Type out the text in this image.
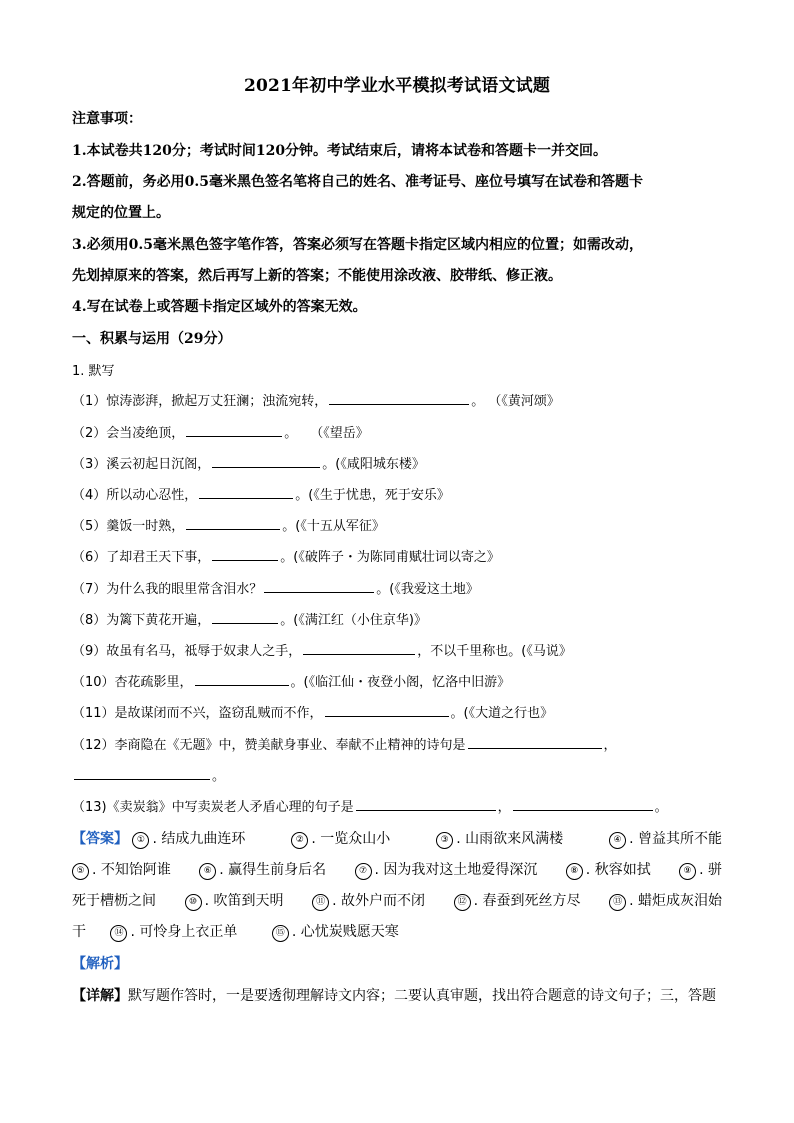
2021年初中学业水平模拟考试语文试题
注意事项：
1.本试卷共120分；考试时间120分钟。考试结束后，请将本试卷和答题卡一并交回。
2.答题前，务必用0.5毫米黑色签名笔将自己的姓名、准考证号、座位号填写在试卷和答题卡
规定的位置上。
3.必须用0.5毫米黑色签字笔作答，答案必须写在答题卡指定区域内相应的位置；如需改动，
先划掉原来的答案，然后再写上新的答案；不能使用涂改液、胶带纸、修正液。
4.写在试卷上或答题卡指定区域外的答案无效。
一、积累与运用（29分）
1. 默写
（1）惊涛澎湃，掀起万丈狂澜；浊流宛转，	。 （《黄河颂》
（2）会当凌绝顶，	。　　（《望岳》
（3）溪云初起日沉阁，	。(《咸阳城东楼》
（4）所以动心忍性，	。(《生于忧患，死于安乐》
（5）羹饭一时熟，	。(《十五从军征》
（6）了却君王天下事，	。(《破阵子・为陈同甫赋壮词以寄之》
（7）为什么我的眼里常含泪水？	。(《我爱这土地》
（8）为篱下黄花开遍，	。(《满江红（小住京华)》
（9）故虽有名马，祗辱于奴隶人之手，	，不以千里称也。(《马说》
（10）杏花疏影里，	。(《临江仙・夜登小阁，忆洛中旧游》
（11）是故谋闭而不兴，盗窃乱贼而不作，	。(《大道之行也》
（12）李商隐在《无题》中，赞美献身事业、奉献不止精神的诗句是	，
。
（13)《卖炭翁》中写卖炭老人矛盾心理的句子是	，	。
【答案】 ① . 结成九曲连环	② . 一览众山小	③ . 山雨欲来风满楼	④ . 曾益其所不能
⑤ . 不知饴阿谁	⑥ . 赢得生前身后名	⑦ . 因为我对这土地爱得深沉	⑧ . 秋容如拭	⑨ . 骈
死于槽枥之间	⑩ . 吹笛到天明	⑪ . 故外户而不闭	⑫ . 春蚕到死丝方尽	⑬ . 蜡炬成灰泪始
干	⑭ . 可怜身上衣正单	⑮ . 心忧炭贱愿天寒
【解析】
【详解】默写题作答时，一是要透彻理解诗文内容；二要认真审题，找出符合题意的诗文句子；三，答题
